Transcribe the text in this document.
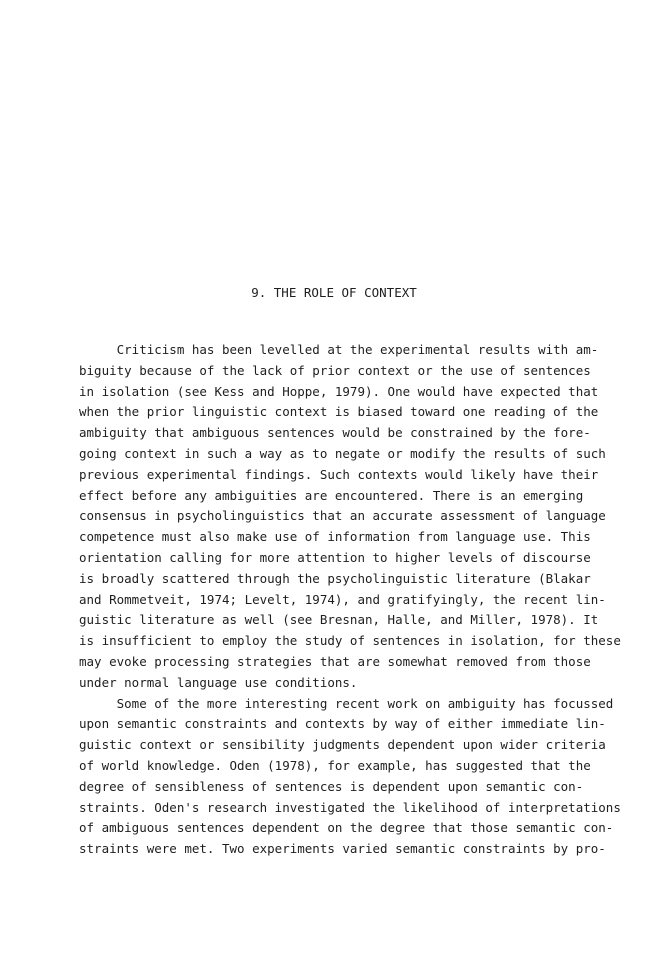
9. THE ROLE OF CONTEXT
Criticism has been levelled at the experimental results with am-
biguity because of the lack of prior context or the use of sentences
in isolation (see Kess and Hoppe, 1979). One would have expected that
when the prior linguistic context is biased toward one reading of the
ambiguity that ambiguous sentences would be constrained by the fore-
going context in such a way as to negate or modify the results of such
previous experimental findings. Such contexts would likely have their
effect before any ambiguities are encountered. There is an emerging
consensus in psycholinguistics that an accurate assessment of language
competence must also make use of information from language use. This
orientation calling for more attention to higher levels of discourse
is broadly scattered through the psycholinguistic literature (Blakar
and Rommetveit, 1974; Levelt, 1974), and gratifyingly, the recent lin-
guistic literature as well (see Bresnan, Halle, and Miller, 1978). It
is insufficient to employ the study of sentences in isolation, for these
may evoke processing strategies that are somewhat removed from those
under normal language use conditions.
Some of the more interesting recent work on ambiguity has focussed
upon semantic constraints and contexts by way of either immediate lin-
guistic context or sensibility judgments dependent upon wider criteria
of world knowledge. Oden (1978), for example, has suggested that the
degree of sensibleness of sentences is dependent upon semantic con-
straints. Oden's research investigated the likelihood of interpretations
of ambiguous sentences dependent on the degree that those semantic con-
straints were met. Two experiments varied semantic constraints by pro-
